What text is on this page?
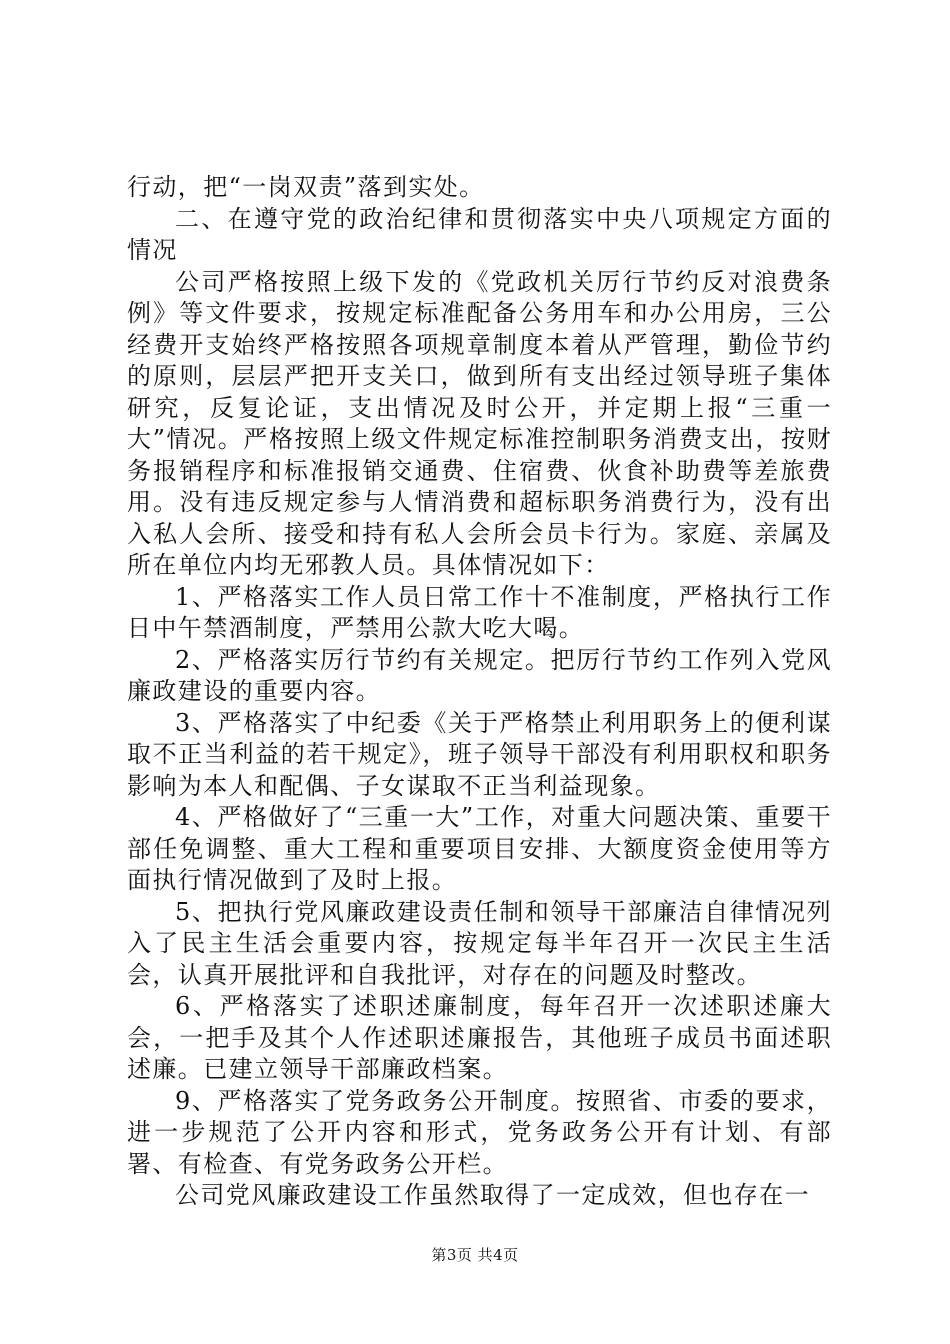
行动，把“一岗双责”落到实处。

二、在遵守党的政治纪律和贯彻落实中央八项规定方面的情况

公司严格按照上级下发的《党政机关厉行节约反对浪费条例》等文件要求，按规定标准配备公务用车和办公用房，三公经费开支始终严格按照各项规章制度本着从严管理，勤俭节约的原则，层层严把开支关口，做到所有支出经过领导班子集体研究，反复论证，支出情况及时公开，并定期上报“三重一大”情况。严格按照上级文件规定标准控制职务消费支出，按财务报销程序和标准报销交通费、住宿费、伙食补助费等差旅费用。没有违反规定参与人情消费和超标职务消费行为，没有出入私人会所、接受和持有私人会所会员卡行为。家庭、亲属及所在单位内均无邪教人员。具体情况如下：

1、严格落实工作人员日常工作十不准制度，严格执行工作日中午禁酒制度，严禁用公款大吃大喝。

2、严格落实厉行节约有关规定。把厉行节约工作列入党风廉政建设的重要内容。

3、严格落实了中纪委《关于严格禁止利用职务上的便利谋取不正当利益的若干规定》，班子领导干部没有利用职权和职务影响为本人和配偶、子女谋取不正当利益现象。

4、严格做好了“三重一大”工作，对重大问题决策、重要干部任免调整、重大工程和重要项目安排、大额度资金使用等方面执行情况做到了及时上报。

5、把执行党风廉政建设责任制和领导干部廉洁自律情况列入了民主生活会重要内容，按规定每半年召开一次民主生活会，认真开展批评和自我批评，对存在的问题及时整改。

6、严格落实了述职述廉制度，每年召开一次述职述廉大会，一把手及其个人作述职述廉报告，其他班子成员书面述职述廉。已建立领导干部廉政档案。

9、严格落实了党务政务公开制度。按照省、市委的要求，进一步规范了公开内容和形式，党务政务公开有计划、有部署、有检查、有党务政务公开栏。

公司党风廉政建设工作虽然取得了一定成效，但也存在一

第3页 共4页
